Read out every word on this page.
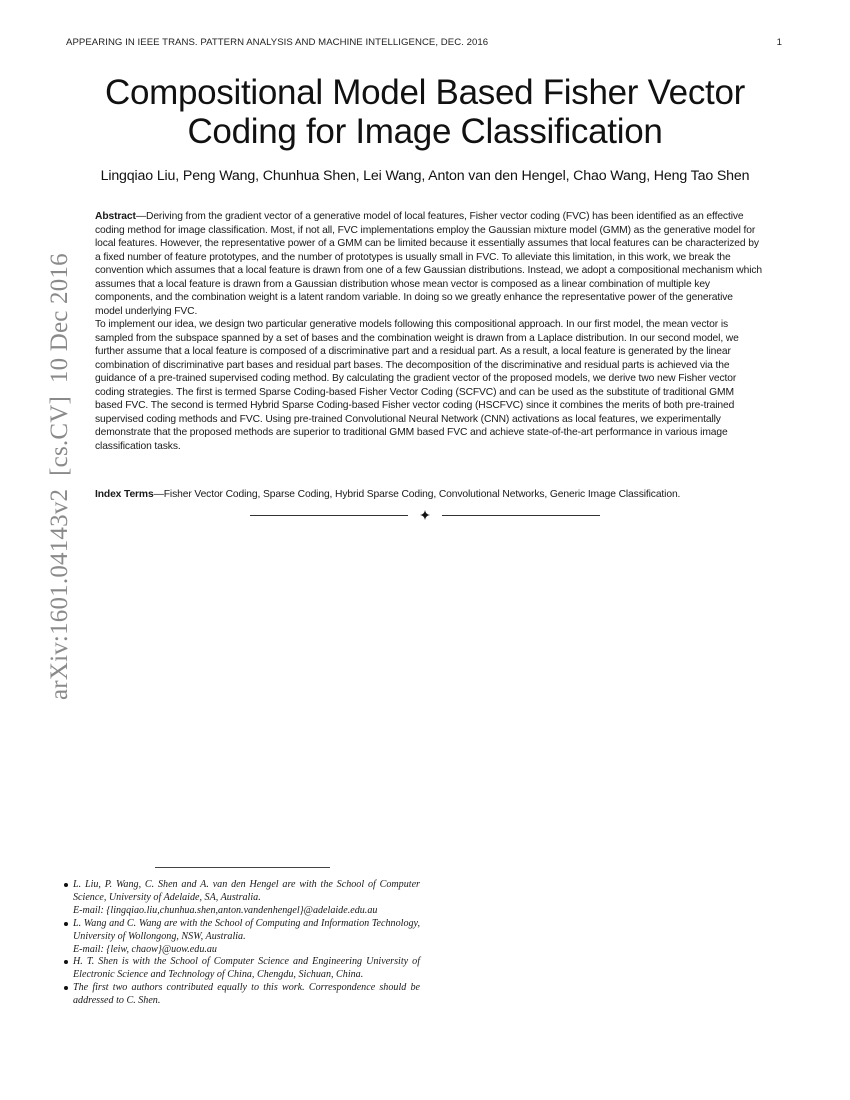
APPEARING IN IEEE TRANS. PATTERN ANALYSIS AND MACHINE INTELLIGENCE, DEC. 2016	1
Compositional Model Based Fisher Vector
Coding for Image Classification
Lingqiao Liu, Peng Wang, Chunhua Shen, Lei Wang, Anton van den Hengel, Chao Wang, Heng Tao Shen

Abstract—Deriving from the gradient vector of a generative model of local features, Fisher vector coding (FVC) has been identified as an effective coding method for image classification. Most, if not all, FVC implementations employ the Gaussian mixture model (GMM) as the generative model for local features. However, the representative power of a GMM can be limited because it essentially assumes that local features can be characterized by a fixed number of feature prototypes, and the number of prototypes is usually small in FVC. To alleviate this limitation, in this work, we break the convention which assumes that a local feature is drawn from one of a few Gaussian distributions. Instead, we adopt a compositional mechanism which assumes that a local feature is drawn from a Gaussian distribution whose mean vector is composed as a linear combination of multiple key components, and the combination weight is a latent random variable. In doing so we greatly enhance the representative power of the generative model underlying FVC.

To implement our idea, we design two particular generative models following this compositional approach. In our first model, the mean vector is sampled from the subspace spanned by a set of bases and the combination weight is drawn from a Laplace distribution. In our second model, we further assume that a local feature is composed of a discriminative part and a residual part. As a result, a local feature is generated by the linear combination of discriminative part bases and residual part bases. The decomposition of the discriminative and residual parts is achieved via the guidance of a pre-trained supervised coding method. By calculating the gradient vector of the proposed models, we derive two new Fisher vector coding strategies. The first is termed Sparse Coding-based Fisher Vector Coding (SCFVC) and can be used as the substitute of traditional GMM based FVC. The second is termed Hybrid Sparse Coding-based Fisher vector coding (HSCFVC) since it combines the merits of both pre-trained supervised coding methods and FVC. Using pre-trained Convolutional Neural Network (CNN) activations as local features, we experimentally demonstrate that the proposed methods are superior to traditional GMM based FVC and achieve state-of-the-art performance in various image classification tasks.

Index Terms—Fisher Vector Coding, Sparse Coding, Hybrid Sparse Coding, Convolutional Networks, Generic Image Classification.

arXiv:1601.04143v2  [cs.CV]  10 Dec 2016
L. Liu, P. Wang, C. Shen and A. van den Hengel are with the School of Computer Science, University of Adelaide, SA, Australia.
E-mail: {lingqiao.liu,chunhua.shen,anton.vandenhengel}@adelaide.edu.au
L. Wang and C. Wang are with the School of Computing and Information Technology, University of Wollongong, NSW, Australia.
E-mail: {leiw, chaow}@uow.edu.au
H. T. Shen is with the School of Computer Science and Engineering University of Electronic Science and Technology of China, Chengdu, Sichuan, China.
The first two authors contributed equally to this work. Correspondence should be addressed to C. Shen.
